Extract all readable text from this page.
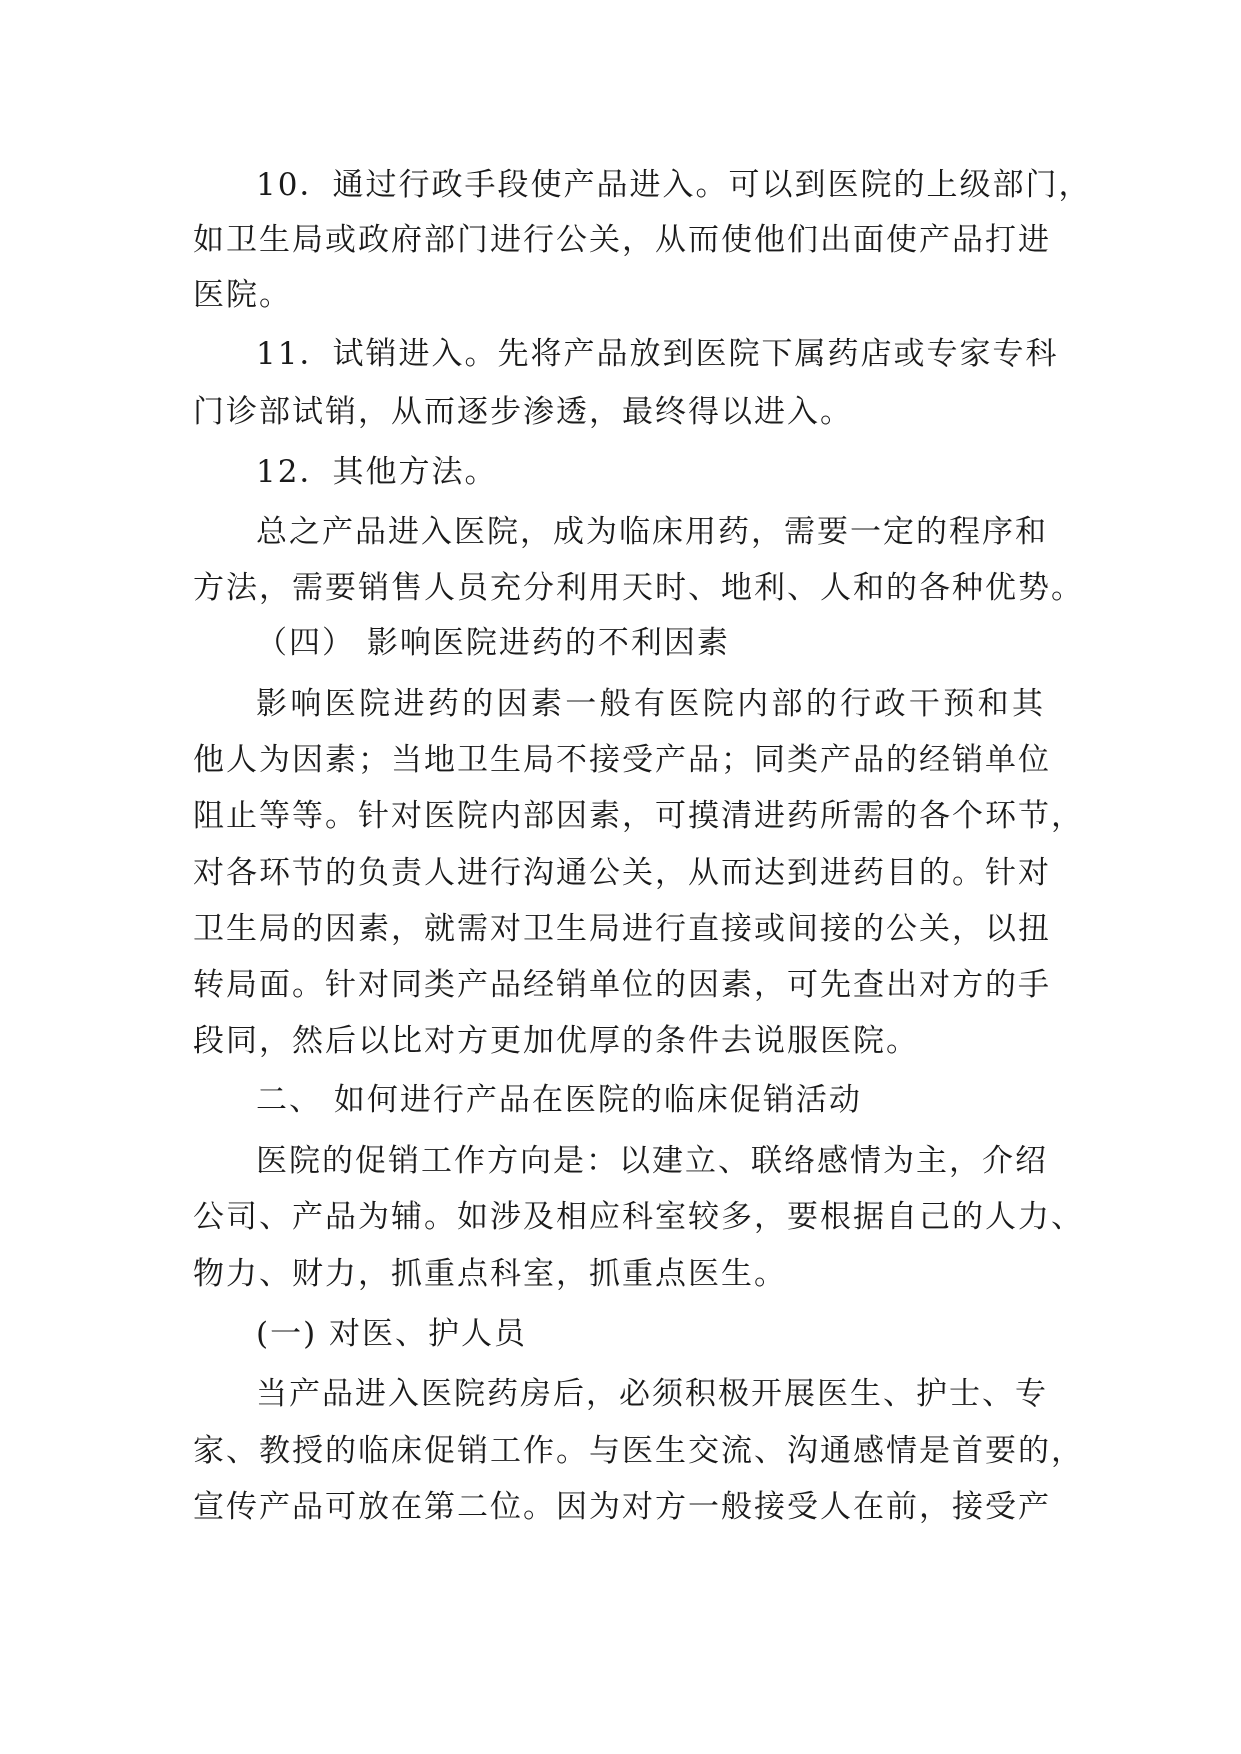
10．通过行政手段使产品进入。可以到医院的上级部门，
如卫生局或政府部门进行公关，从而使他们出面使产品打进
医院。
11．试销进入。先将产品放到医院下属药店或专家专科
门诊部试销，从而逐步渗透，最终得以进入。
12．其他方法。
总之产品进入医院，成为临床用药，需要一定的程序和
方法，需要销售人员充分利用天时、地利、人和的各种优势。
（四） 影响医院进药的不利因素
影响医院进药的因素一般有医院内部的行政干预和其
他人为因素；当地卫生局不接受产品；同类产品的经销单位
阻止等等。针对医院内部因素，可摸清进药所需的各个环节，
对各环节的负责人进行沟通公关，从而达到进药目的。针对
卫生局的因素，就需对卫生局进行直接或间接的公关，以扭
转局面。针对同类产品经销单位的因素，可先查出对方的手
段同，然后以比对方更加优厚的条件去说服医院。
二、 如何进行产品在医院的临床促销活动
医院的促销工作方向是：以建立、联络感情为主，介绍
公司、产品为辅。如涉及相应科室较多，要根据自己的人力、
物力、财力，抓重点科室，抓重点医生。
(一) 对医、护人员
当产品进入医院药房后，必须积极开展医生、护士、专
家、教授的临床促销工作。与医生交流、沟通感情是首要的，
宣传产品可放在第二位。因为对方一般接受人在前，接受产
